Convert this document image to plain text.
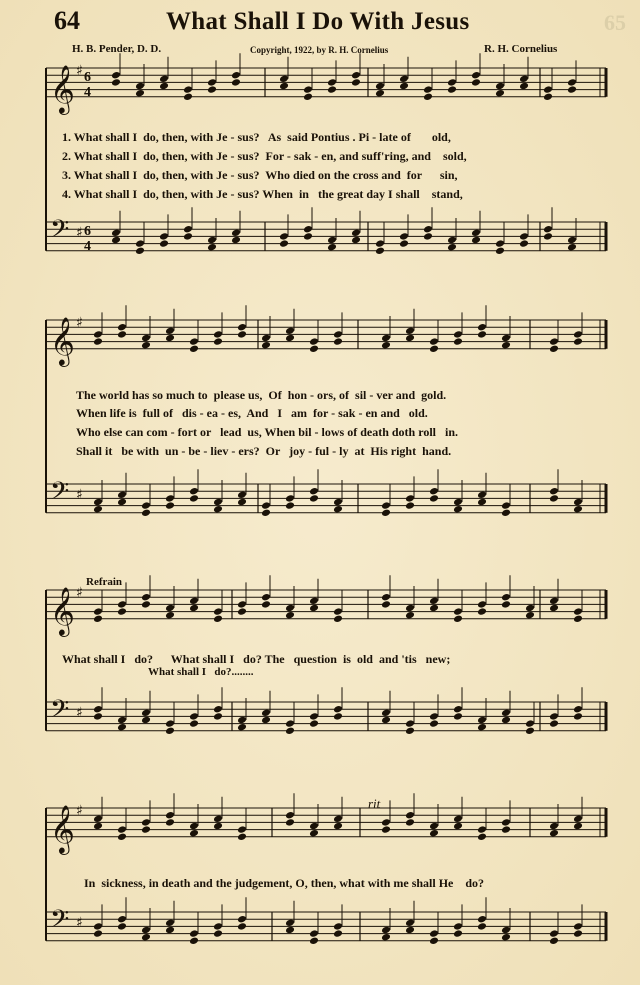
64	What Shall I Do With Jesus	65
H. B. Pender, D. D.	Copyright, 1922, by R. H. Cornelius	R. H. Cornelius
𝄞 ♯
𝄢 ♯
6
4
6
4
𝄞 ♯
𝄢 ♯
𝄞 ♯
𝄢 ♯
𝄞 ♯
𝄢 ♯
1. What shall I  do, then, with Je - sus?   As  said Pontius . Pi - late of       old,
2. What shall I  do, then, with Je - sus?  For - sak - en, and suff'ring, and    sold,
3. What shall I  do, then, with Je - sus?  Who died on the cross and  for      sin,
4. What shall I  do, then, with Je - sus? When  in   the great day I shall    stand,
The world has so much to  please us,  Of  hon - ors, of  sil - ver and  gold.
When life is  full of   dis - ea - es,  And   I   am  for - sak - en and   old.
Who else can com - fort or   lead  us, When bil - lows of death doth roll   in.
Shall it   be with  un - be - liev - ers?  Or   joy - ful - ly  at  His right  hand.
Refrain
What shall I   do?      What shall I   do? The   question  is  old  and 'tis   new;
What shall I   do?........
rit
In  sickness, in death and the judgement, O, then, what with me shall He    do?
